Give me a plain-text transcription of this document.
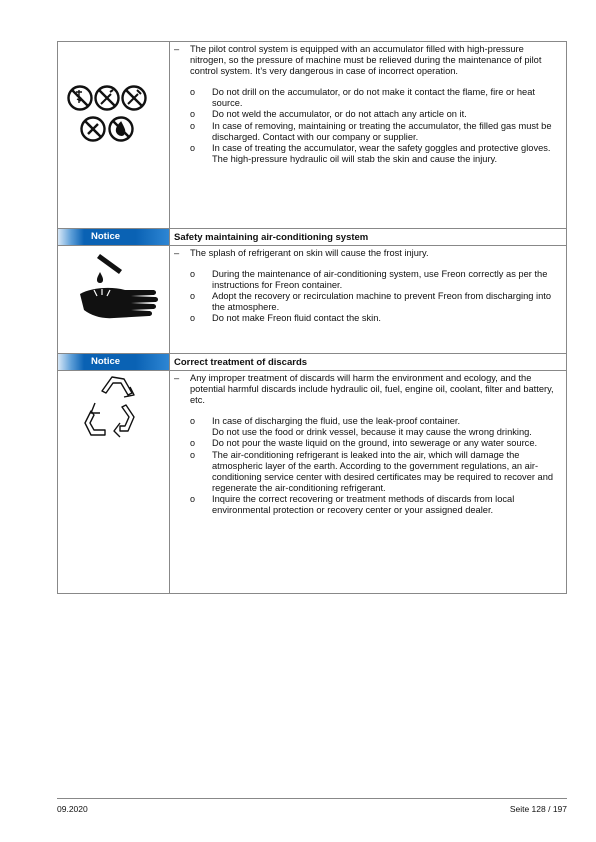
–	The pilot control system is equipped with an accumulator filled with high-pressure nitrogen, so the pressure of machine must be relieved during the maintenance of pilot control system. It’s very dangerous in case of incorrect operation.
o	Do not drill on the accumulator, or do not make it contact the flame, fire or heat source.
o	Do not weld the accumulator, or do not attach any article on it.
o	In case of removing, maintaining or treating the accumulator, the filled gas must be discharged. Contact with our company or supplier.
o	In case of treating the accumulator, wear the safety goggles and protective gloves. The high-pressure hydraulic oil will stab the skin and cause the injury.
Notice	Safety maintaining air-conditioning system
–	The splash of refrigerant on skin will cause the frost injury.
o	During the maintenance of air-conditioning system, use Freon correctly as per the instructions for Freon container.
o	Adopt the recovery or recirculation machine to prevent Freon from discharging into the atmosphere.
o	Do not make Freon fluid contact the skin.
Notice	Correct treatment of discards
–	Any improper treatment of discards will harm the environment and ecology, and the potential harmful discards include hydraulic oil, fuel, engine oil, coolant, filter and battery, etc.
o	In case of discharging the fluid, use the leak-proof container.
Do not use the food or drink vessel, because it may cause the wrong drinking.
o	Do not pour the waste liquid on the ground, into sewerage or any water source.
o	The air-conditioning refrigerant is leaked into the air, which will damage the atmospheric layer of the earth. According to the government regulations, an air-conditioning service center with desired certificates may be required to recover and regenerate the air-conditioning refrigerant.
o	Inquire the correct recovering or treatment methods of discards from local environmental protection or recovery center or your assigned dealer.
09.2020	Seite 128 / 197
